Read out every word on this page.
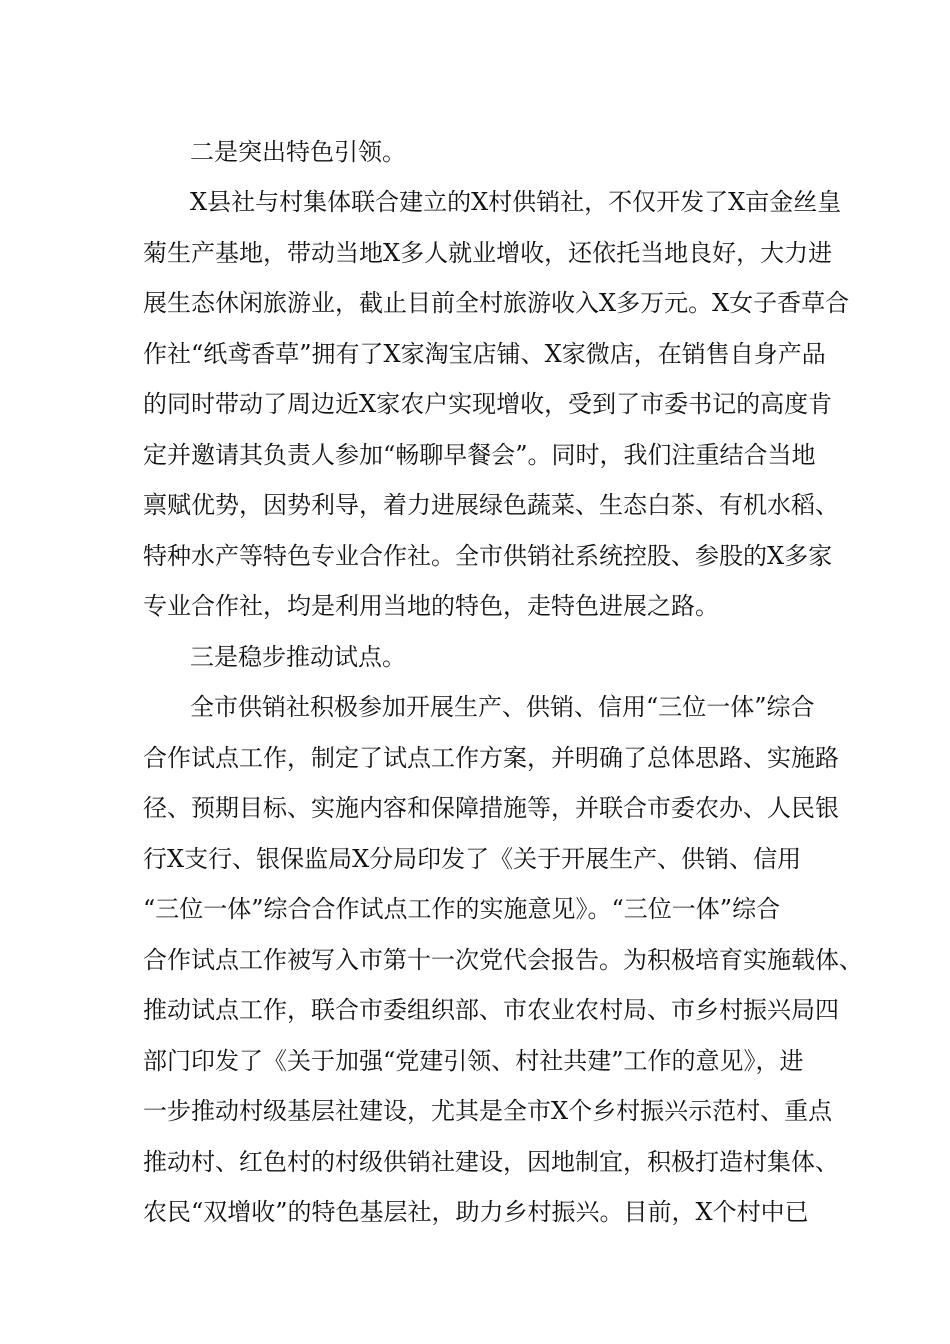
二是突出特色引领。
X县社与村集体联合建立的X村供销社，不仅开发了X亩金丝皇
菊生产基地，带动当地X多人就业增收，还依托当地良好，大力进
展生态休闲旅游业，截止目前全村旅游收入X多万元。X女子香草合
作社“纸鸢香草”拥有了X家淘宝店铺、X家微店，在销售自身产品
的同时带动了周边近X家农户实现增收，受到了市委书记的高度肯
定并邀请其负责人参加“畅聊早餐会”。同时，我们注重结合当地
禀赋优势，因势利导，着力进展绿色蔬菜、生态白茶、有机水稻、
特种水产等特色专业合作社。全市供销社系统控股、参股的X多家
专业合作社，均是利用当地的特色，走特色进展之路。
三是稳步推动试点。
全市供销社积极参加开展生产、供销、信用“三位一体”综合
合作试点工作，制定了试点工作方案，并明确了总体思路、实施路
径、预期目标、实施内容和保障措施等，并联合市委农办、人民银
行X支行、银保监局X分局印发了《关于开展生产、供销、信用
“三位一体”综合合作试点工作的实施意见》。“三位一体”综合
合作试点工作被写入市第十一次党代会报告。为积极培育实施载体、
推动试点工作，联合市委组织部、市农业农村局、市乡村振兴局四
部门印发了《关于加强“党建引领、村社共建”工作的意见》，进
一步推动村级基层社建设，尤其是全市X个乡村振兴示范村、重点
推动村、红色村的村级供销社建设，因地制宜，积极打造村集体、
农民“双增收”的特色基层社，助力乡村振兴。目前，X个村中已
